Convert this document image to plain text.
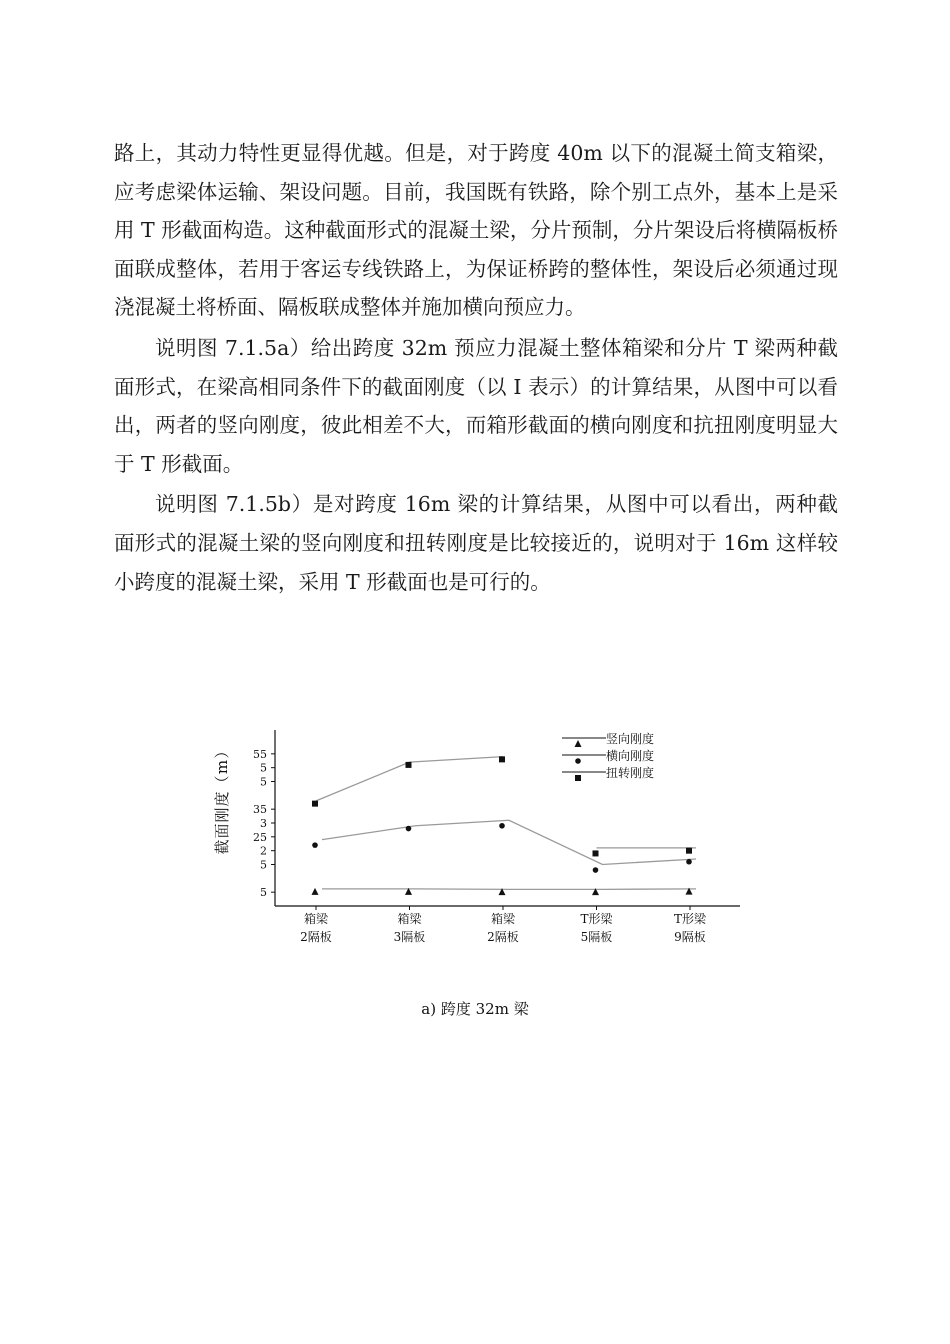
路上，其动力特性更显得优越。但是，对于跨度 40m 以下的混凝土简支箱梁，应考虑梁体运输、架设问题。目前，我国既有铁路，除个别工点外，基本上是采用 T 形截面构造。这种截面形式的混凝土梁，分片预制，分片架设后将横隔板桥面联成整体，若用于客运专线铁路上，为保证桥跨的整体性，架设后必须通过现浇混凝土将桥面、隔板联成整体并施加横向预应力。

说明图 7.1.5a）给出跨度 32m 预应力混凝土整体箱梁和分片 T 梁两种截面形式，在梁高相同条件下的截面刚度（以 I 表示）的计算结果，从图中可以看出，两者的竖向刚度，彼此相差不大，而箱形截面的横向刚度和抗扭刚度明显大于 T 形截面。

说明图 7.1.5b）是对跨度 16m 梁的计算结果，从图中可以看出，两种截面形式的混凝土梁的竖向刚度和扭转刚度是比较接近的，说明对于 16m 这样较小跨度的混凝土梁，采用 T 形截面也是可行的。

5
5
2
25
3
35
5
5
55
截
面
刚
度
（
m
）
箱梁
2隔板
箱梁
3隔板
箱梁
2隔板
T形梁
5隔板
T形梁
9隔板
竖向刚度
横向刚度
扭转刚度
a) 跨度 32m 梁
